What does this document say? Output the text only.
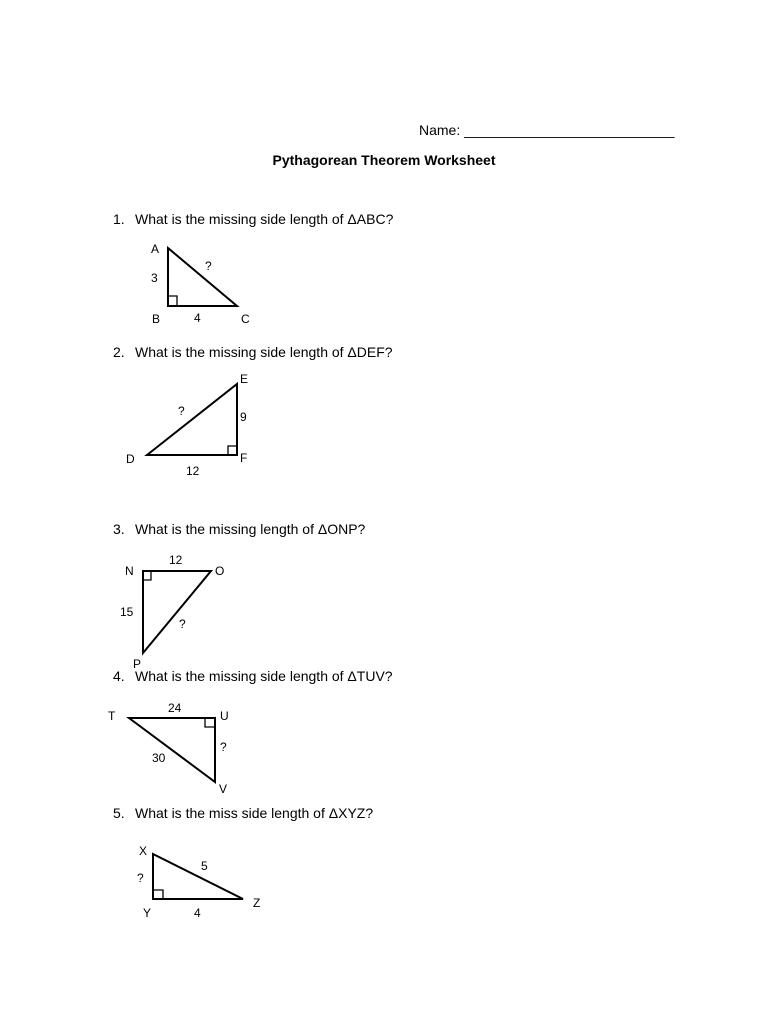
Name: ___________________________
Pythagorean Theorem Worksheet
1. What is the missing side length of ΔABC?
A
B	C
3
4
?
2. What is the missing side length of ΔDEF?
E
D	F
9
12
?
3. What is the missing length of ΔONP?
N	O
P
12
15
?
4. What is the missing side length of ΔTUV?
T	U
V
24
?
30
5. What is the miss side length of ΔXYZ?
X
Y
Z
?
4
5
